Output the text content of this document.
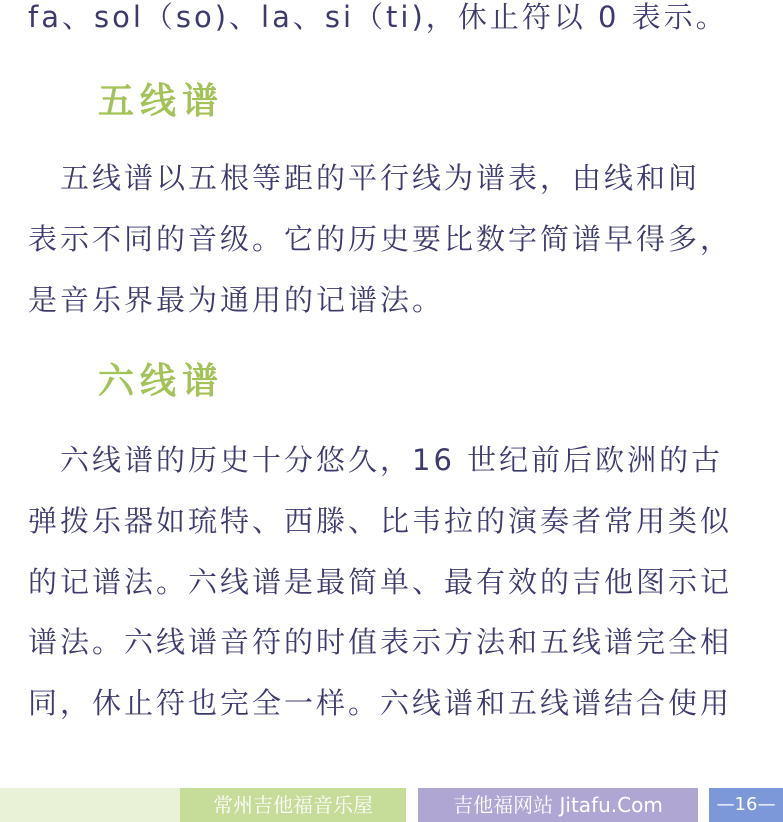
fa、sol（so)、la、si（ti)，休止符以 0 表示。
五线谱
　五线谱以五根等距的平行线为谱表，由线和间
表示不同的音级。它的历史要比数字简谱早得多，
是音乐界最为通用的记谱法。
六线谱
　六线谱的历史十分悠久，16 世纪前后欧洲的古
弹拨乐器如琉特、西滕、比韦拉的演奏者常用类似
的记谱法。六线谱是最简单、最有效的吉他图示记
谱法。六线谱音符的时值表示方法和五线谱完全相
同，休止符也完全一样。六线谱和五线谱结合使用
常州吉他福音乐屋	吉他福网站 Jitafu.Com	—16—
